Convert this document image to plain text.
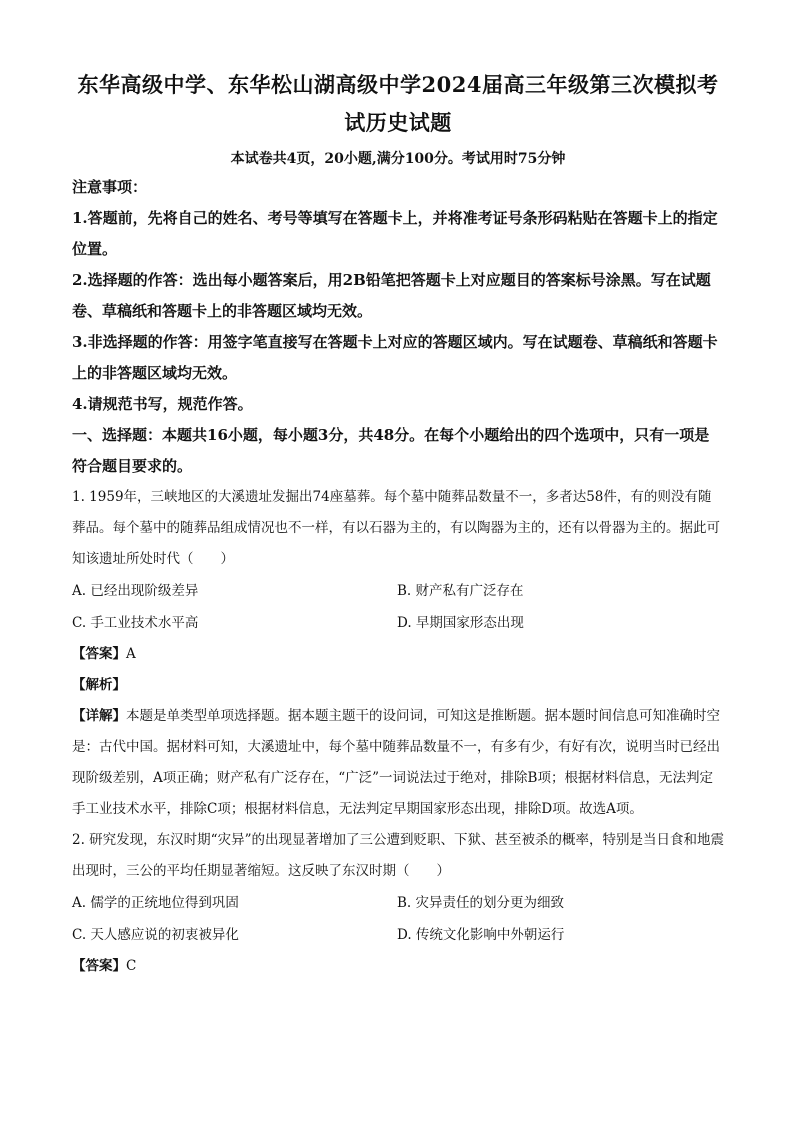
东华高级中学、东华松山湖高级中学2024届高三年级第三次模拟考
试历史试题
本试卷共4页，20小题,满分100分。考试用时75分钟
注意事项：

1.答题前，先将自己的姓名、考号等填写在答题卡上，并将准考证号条形码粘贴在答题卡上的指定位置。

2.选择题的作答：选出每小题答案后，用2B铅笔把答题卡上对应题目的答案标号涂黑。写在试题卷、草稿纸和答题卡上的非答题区域均无效。

3.非选择题的作答：用签字笔直接写在答题卡上对应的答题区域内。写在试题卷、草稿纸和答题卡上的非答题区域均无效。

4.请规范书写，规范作答。

一、选择题：本题共16小题，每小题3分，共48分。在每个小题给出的四个选项中，只有一项是符合题目要求的。

1. 1959年，三峡地区的大溪遗址发掘出74座墓葬。每个墓中随葬品数量不一，多者达58件，有的则没有随葬品。每个墓中的随葬品组成情况也不一样，有以石器为主的，有以陶器为主的，还有以骨器为主的。据此可知该遗址所处时代（　　）

A. 已经出现阶级差异	B. 财产私有广泛存在
C. 手工业技术水平高	D. 早期国家形态出现
【答案】A
【解析】

【详解】本题是单类型单项选择题。据本题主题干的设问词，可知这是推断题。据本题时间信息可知准确时空是：古代中国。据材料可知，大溪遗址中，每个墓中随葬品数量不一，有多有少，有好有次，说明当时已经出现阶级差别，A项正确；财产私有广泛存在，“广泛”一词说法过于绝对，排除B项；根据材料信息，无法判定手工业技术水平，排除C项；根据材料信息，无法判定早期国家形态出现，排除D项。故选A项。

2. 研究发现，东汉时期“灾异”的出现显著增加了三公遭到贬职、下狱、甚至被杀的概率，特别是当日食和地震出现时，三公的平均任期显著缩短。这反映了东汉时期（　　）

A. 儒学的正统地位得到巩固	B. 灾异责任的划分更为细致
C. 天人感应说的初衷被异化	D. 传统文化影响中外朝运行
【答案】C
